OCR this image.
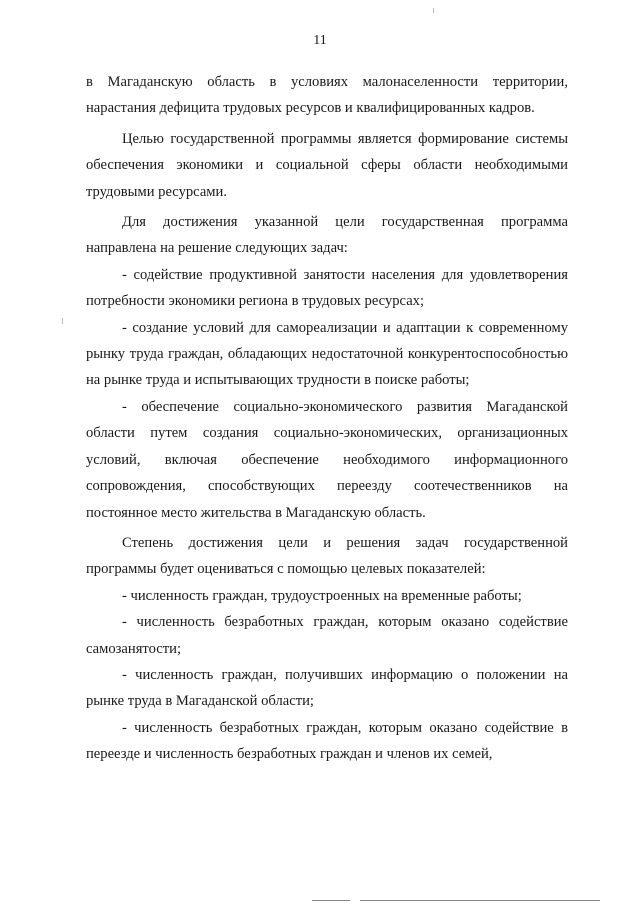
11

в Магаданскую область в условиях малонаселенности территории, нарастания дефицита трудовых ресурсов и квалифицированных кадров.

Целью государственной программы является формирование системы обеспечения экономики и социальной сферы области необходимыми трудовыми ресурсами.

Для достижения указанной цели государственная программа направлена на решение следующих задач:

- содействие продуктивной занятости населения для удовлетворения потребности экономики региона в трудовых ресурсах;

- создание условий для самореализации и адаптации к современному рынку труда граждан, обладающих недостаточной конкурентоспособностью на рынке труда и испытывающих трудности в поиске работы;

- обеспечение социально-экономического развития Магаданской области путем создания социально-экономических, организационных условий, включая обеспечение необходимого информационного сопровождения, способствующих переезду соотечественников на постоянное место жительства в Магаданскую область.

Степень достижения цели и решения задач государственной программы будет оцениваться с помощью целевых показателей:

- численность граждан, трудоустроенных на временные работы;

- численность безработных граждан, которым оказано содействие самозанятости;

- численность граждан, получивших информацию о положении на рынке труда в Магаданской области;

- численность безработных граждан, которым оказано содействие в переезде и численность безработных граждан и членов их семей,
